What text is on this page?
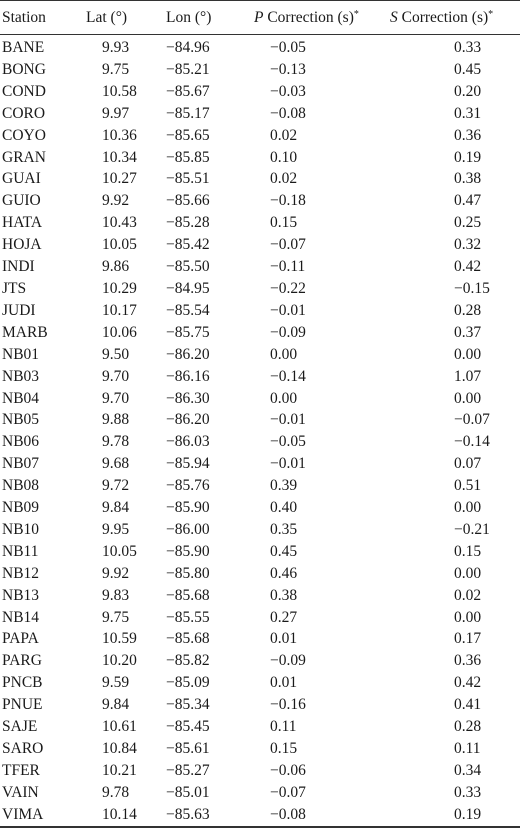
Station	Lat (°)	Lon (°)	P Correction (s)*	S Correction (s)*
BANE	9.93	−84.96	−0.05	0.33
BONG	9.75	−85.21	−0.13	0.45
COND	10.58	−85.67	−0.03	0.20
CORO	9.97	−85.17	−0.08	0.31
COYO	10.36	−85.65	0.02	0.36
GRAN	10.34	−85.85	0.10	0.19
GUAI	10.27	−85.51	0.02	0.38
GUIO	9.92	−85.66	−0.18	0.47
HATA	10.43	−85.28	0.15	0.25
HOJA	10.05	−85.42	−0.07	0.32
INDI	9.86	−85.50	−0.11	0.42
JTS	10.29	−84.95	−0.22	−0.15
JUDI	10.17	−85.54	−0.01	0.28
MARB	10.06	−85.75	−0.09	0.37
NB01	9.50	−86.20	0.00	0.00
NB03	9.70	−86.16	−0.14	1.07
NB04	9.70	−86.30	0.00	0.00
NB05	9.88	−86.20	−0.01	−0.07
NB06	9.78	−86.03	−0.05	−0.14
NB07	9.68	−85.94	−0.01	0.07
NB08	9.72	−85.76	0.39	0.51
NB09	9.84	−85.90	0.40	0.00
NB10	9.95	−86.00	0.35	−0.21
NB11	10.05	−85.90	0.45	0.15
NB12	9.92	−85.80	0.46	0.00
NB13	9.83	−85.68	0.38	0.02
NB14	9.75	−85.55	0.27	0.00
PAPA	10.59	−85.68	0.01	0.17
PARG	10.20	−85.82	−0.09	0.36
PNCB	9.59	−85.09	0.01	0.42
PNUE	9.84	−85.34	−0.16	0.41
SAJE	10.61	−85.45	0.11	0.28
SARO	10.84	−85.61	0.15	0.11
TFER	10.21	−85.27	−0.06	0.34
VAIN	9.78	−85.01	−0.07	0.33
VIMA	10.14	−85.63	−0.08	0.19
